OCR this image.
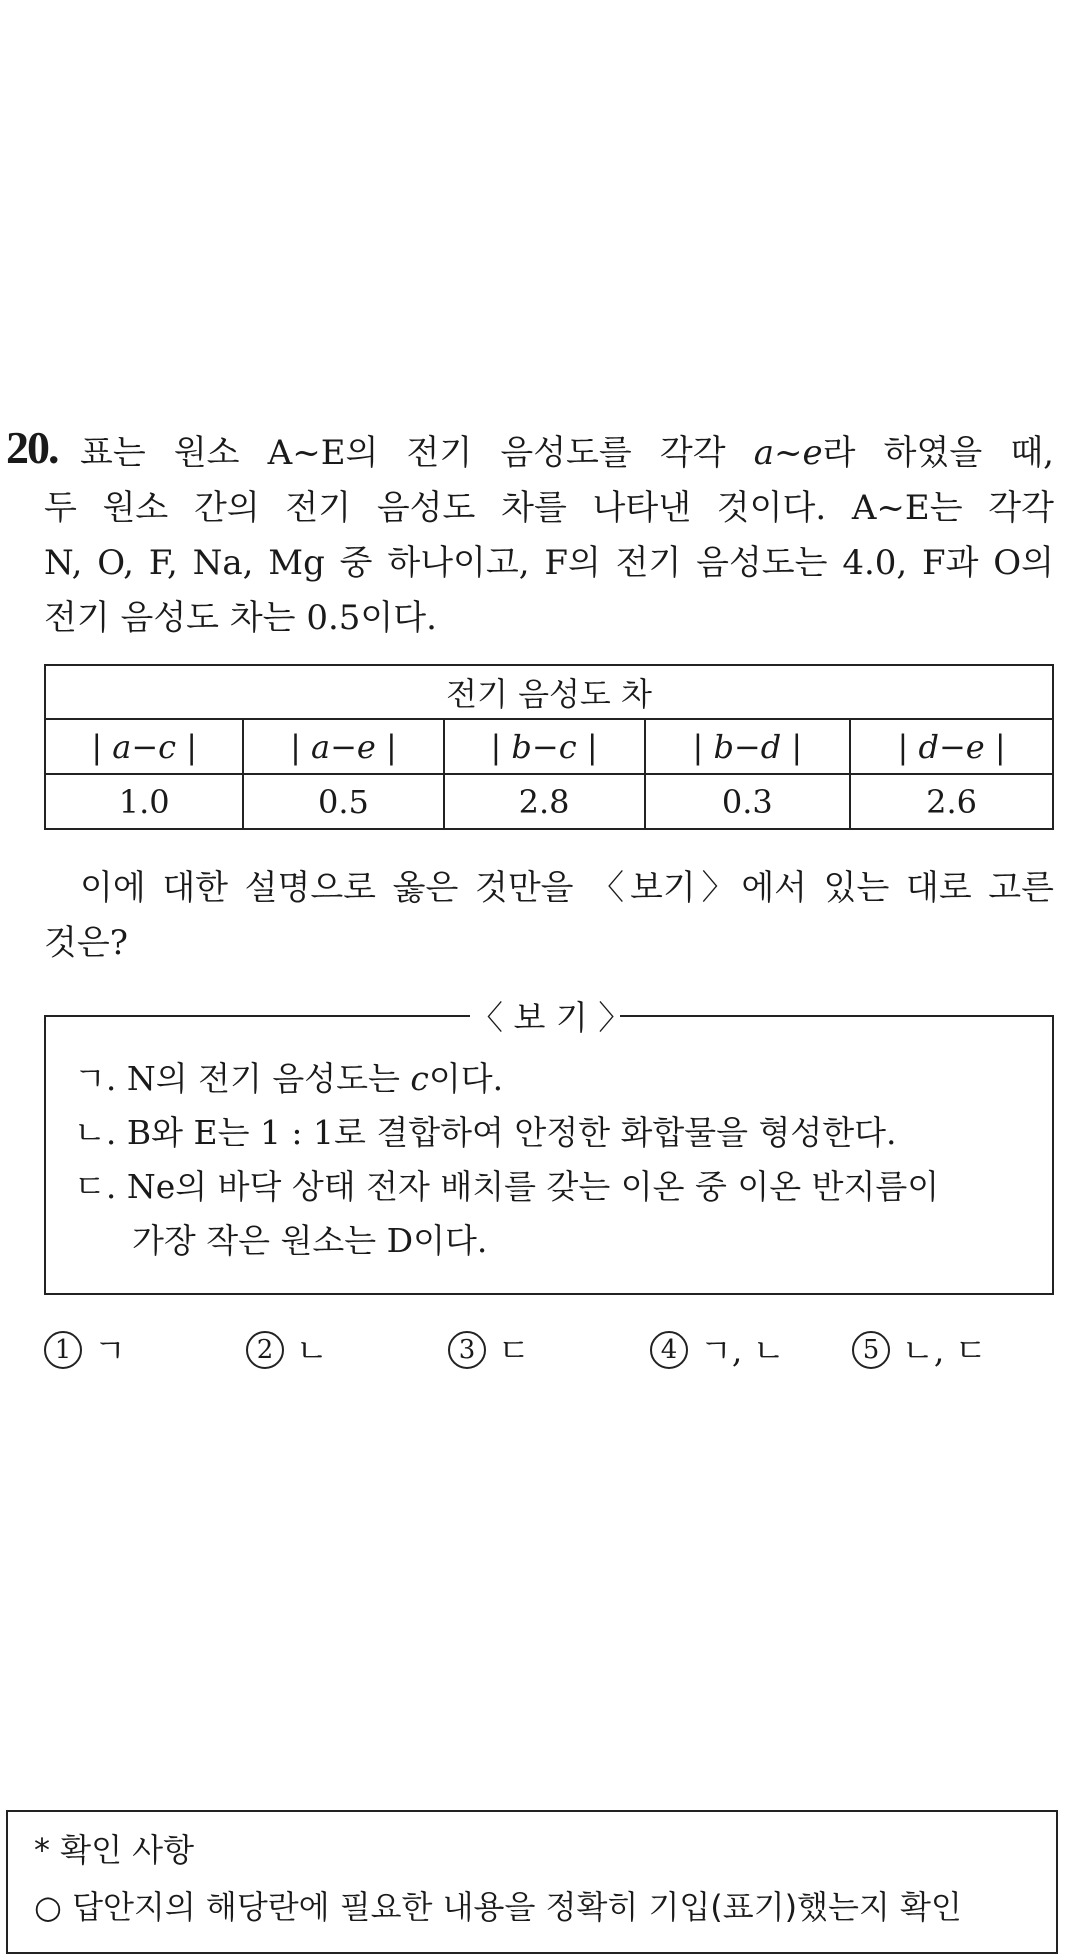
20. 표는 원소 A~E의 전기 음성도를 각각 a~e라 하였을 때,
두 원소 간의 전기 음성도 차를 나타낸 것이다. A~E는 각각
N, O, F, Na, Mg 중 하나이고, F의 전기 음성도는 4.0, F과 O의
전기 음성도 차는 0.5이다.
전기 음성도 차				
| a−c |	| a−e |	| b−c |	| b−d |	| d−e |
1.0	0.5	2.8	0.3	2.6
이에 대한 설명으로 옳은 것만을 〈보기〉에서 있는 대로 고른
것은?
〈 보 기 〉
ㄱ. N의 전기 음성도는 c이다.
ㄴ. B와 E는 1 : 1로 결합하여 안정한 화합물을 형성한다.
ㄷ. Ne의 바닥 상태 전자 배치를 갖는 이온 중 이온 반지름이
가장 작은 원소는 D이다.
1 ㄱ	2 ㄴ	3 ㄷ	4 ㄱ, ㄴ	5 ㄴ, ㄷ
* 확인 사항
○ 답안지의 해당란에 필요한 내용을 정확히 기입(표기)했는지 확인
